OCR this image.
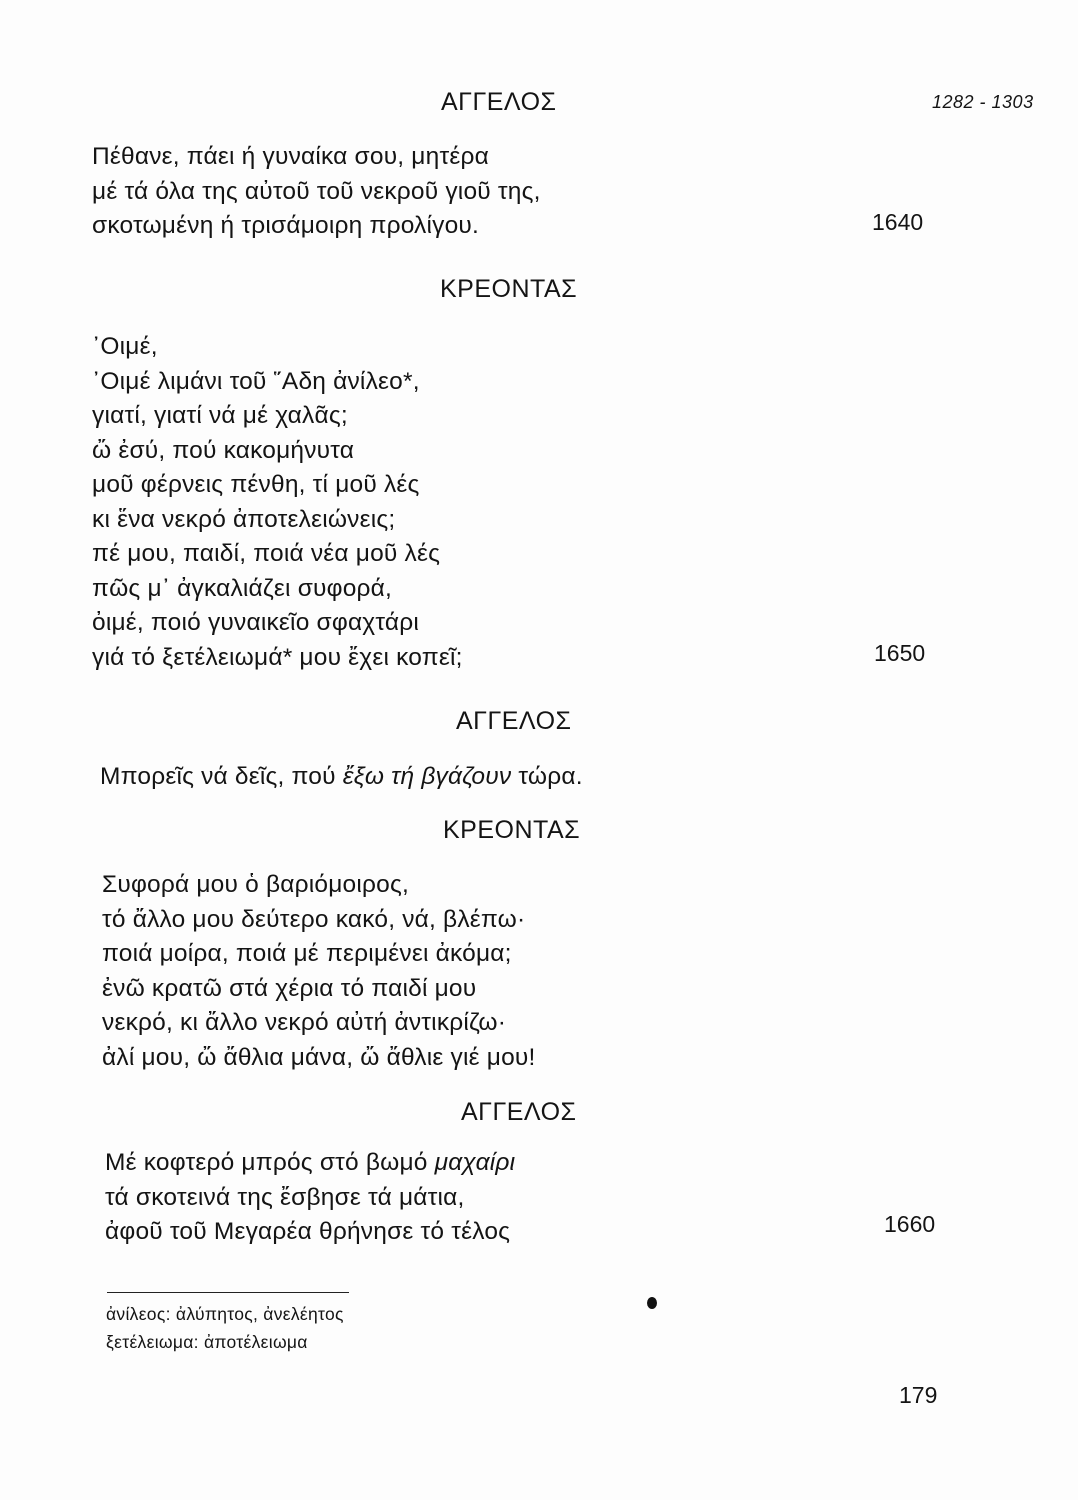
1282 - 1303
ΑΓΓΕΛΟΣ
Πέθανε, πάει ή γυναίκα σου, μητέρα
μέ τά όλα της αὐτοῦ τοῦ νεκροῦ γιοῦ της,
σκοτωμένη ή τρισάμοιρη προλίγου.	1640
ΚΡΕΟΝΤΑΣ
᾿Οιμέ,
᾿Οιμέ λιμάνι τοῦ ῞Αδη ἀνίλεο*,
γιατί, γιατί νά μέ χαλᾶς;
ὤ ἐσύ, πού κακομήνυτα
μοῦ φέρνεις πένθη, τί μοῦ λές
κι ἕνα νεκρό ἀποτελειώνεις;
πέ μου, παιδί, ποιά νέα μοῦ λές
πῶς μ᾿ ἀγκαλιάζει συφορά,
ὀιμέ, ποιό γυναικεῖο σφαχτάρι
γιά τό ξετέλειωμά* μου ἔχει κοπεῖ;	1650
ΑΓΓΕΛΟΣ
Μπορεῖς νά δεῖς, πού ἔξω τή βγάζουν τώρα.
ΚΡΕΟΝΤΑΣ
Συφορά μου ὁ βαριόμοιρος,
τό ἄλλο μου δεύτερο κακό, νά, βλέπω·
ποιά μοίρα, ποιά μέ περιμένει ἀκόμα;
ἐνῶ κρατῶ στά χέρια τό παιδί μου
νεκρό, κι ἄλλο νεκρό αὐτή ἀντικρίζω·
ἀλί μου, ὤ ἄθλια μάνα, ὤ ἄθλιε γιέ μου!
ΑΓΓΕΛΟΣ
Μέ κοφτερό μπρός στό βωμό μαχαίρι
τά σκοτεινά της ἔσβησε τά μάτια,
ἀφοῦ τοῦ Μεγαρέα θρήνησε τό τέλος	1660
ἀνίλεος: ἀλύπητος, ἀνελέητος
ξετέλειωμα: ἀποτέλειωμα
179
